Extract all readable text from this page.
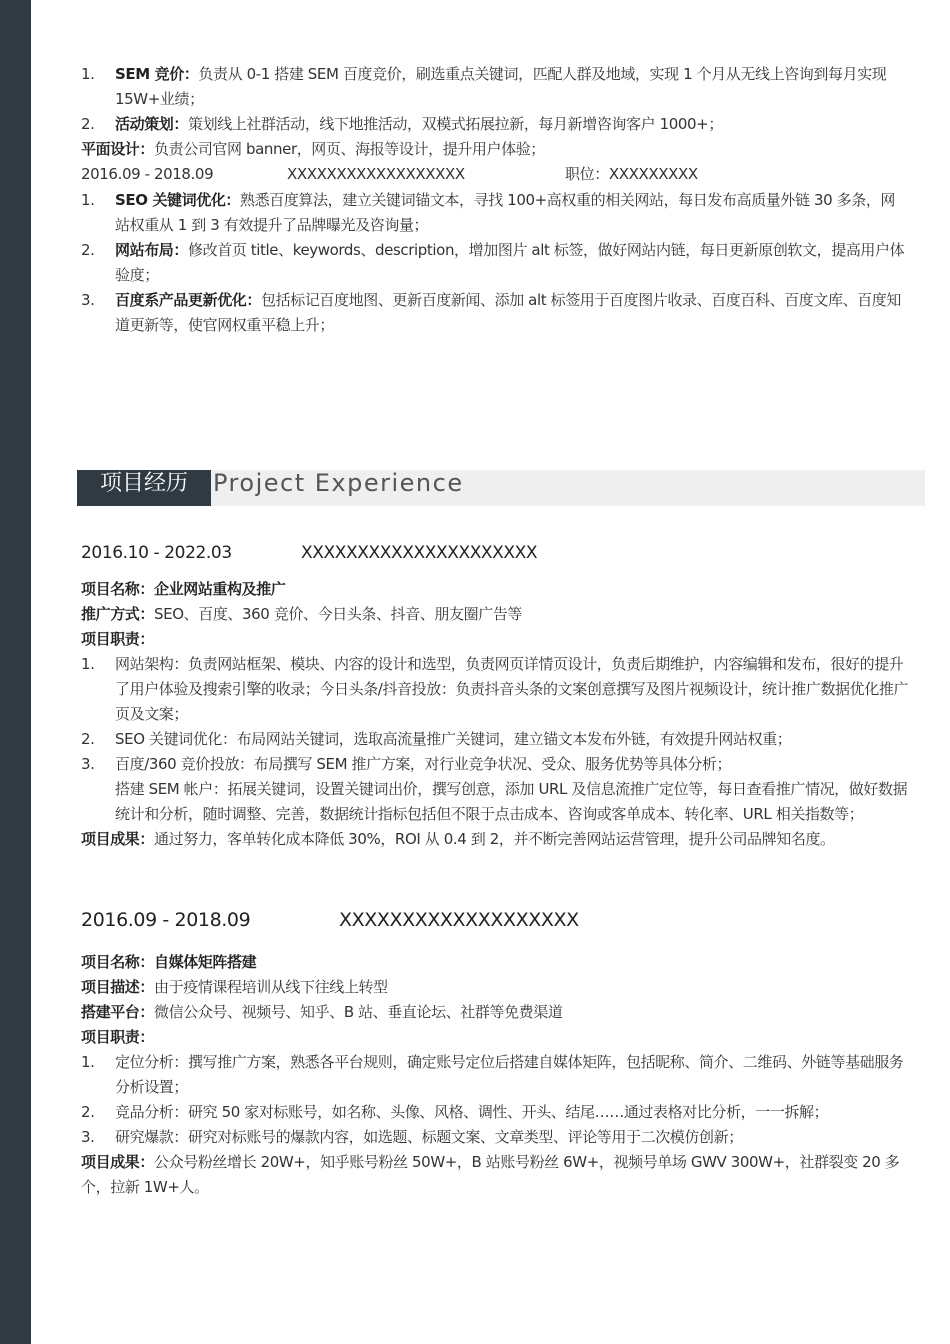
1. SEM 竞价：负责从 0-1 搭建 SEM 百度竞价，刷选重点关键词，匹配人群及地域，实现 1 个月从无线上咨询到每月实现 15W+业绩；
2. 活动策划：策划线上社群活动，线下地推活动，双模式拓展拉新，每月新增咨询客户 1000+；
平面设计：负责公司官网 banner，网页、海报等设计，提升用户体验；
2016.09 - 2018.09	XXXXXXXXXXXXXXXXXX	职位：XXXXXXXXX
1. SEO 关键词优化：熟悉百度算法，建立关键词锚文本，寻找 100+高权重的相关网站，每日发布高质量外链 30 多条，网站权重从 1 到 3 有效提升了品牌曝光及咨询量；
2. 网站布局：修改首页 title、keywords、description，增加图片 alt 标签，做好网站内链，每日更新原创软文，提高用户体验度；
3. 百度系产品更新优化：包括标记百度地图、更新百度新闻、添加 alt 标签用于百度图片收录、百度百科、百度文库、百度知道更新等，使官网权重平稳上升；
项目经历	Project Experience
2016.10 - 2022.03	XXXXXXXXXXXXXXXXXXXXX
项目名称：企业网站重构及推广
推广方式：SEO、百度、360 竞价、今日头条、抖音、朋友圈广告等
项目职责：
1. 网站架构：负责网站框架、模块、内容的设计和选型，负责网页详情页设计，负责后期维护，内容编辑和发布，很好的提升了用户体验及搜索引擎的收录；今日头条/抖音投放：负责抖音头条的文案创意撰写及图片视频设计，统计推广数据优化推广页及文案；
2. SEO 关键词优化：布局网站关键词，选取高流量推广关键词，建立锚文本发布外链，有效提升网站权重；
3. 百度/360 竞价投放：布局撰写 SEM 推广方案，对行业竞争状况、受众、服务优势等具体分析；
搭建 SEM 帐户：拓展关键词，设置关键词出价，撰写创意，添加 URL 及信息流推广定位等，每日查看推广情况，做好数据统计和分析，随时调整、完善，数据统计指标包括但不限于点击成本、咨询或客单成本、转化率、URL 相关指数等；
项目成果：通过努力，客单转化成本降低 30%，ROI 从 0.4 到 2，并不断完善网站运营管理，提升公司品牌知名度。
2016.09 - 2018.09	XXXXXXXXXXXXXXXXXXX
项目名称：自媒体矩阵搭建
项目描述：由于疫情课程培训从线下往线上转型
搭建平台：微信公众号、视频号、知乎、B 站、垂直论坛、社群等免费渠道
项目职责：
1. 定位分析：撰写推广方案，熟悉各平台规则，确定账号定位后搭建自媒体矩阵，包括昵称、简介、二维码、外链等基础服务分析设置；
2. 竞品分析：研究 50 家对标账号，如名称、头像、风格、调性、开头、结尾……通过表格对比分析，一一拆解；
3. 研究爆款：研究对标账号的爆款内容，如选题、标题文案、文章类型、评论等用于二次模仿创新；
项目成果：公众号粉丝增长 20W+，知乎账号粉丝 50W+，B 站账号粉丝 6W+，视频号单场 GWV 300W+，社群裂变 20 多个，拉新 1W+人。
